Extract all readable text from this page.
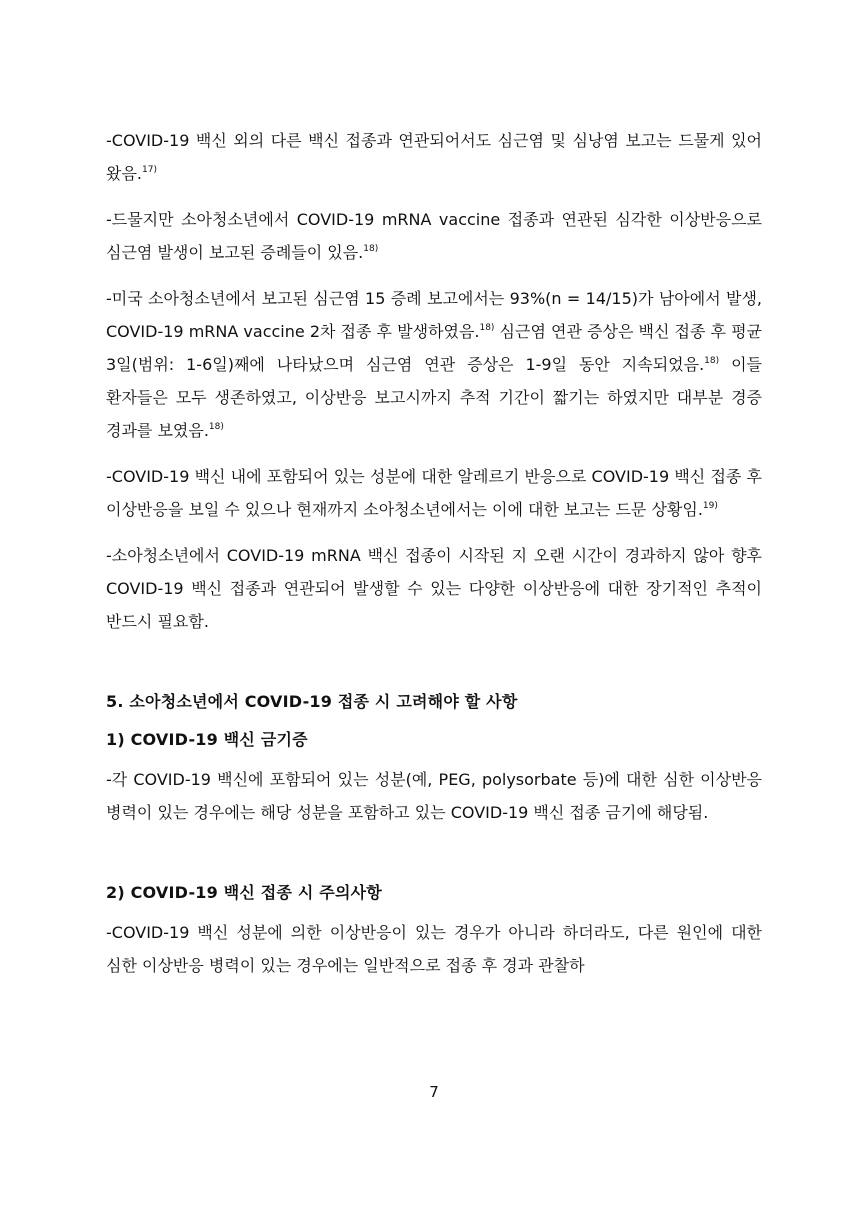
-COVID-19 백신 외의 다른 백신 접종과 연관되어서도 심근염 및 심낭염 보고는 드물게 있어 왔음.$^{17)}$

-드물지만 소아청소년에서 COVID-19 mRNA vaccine 접종과 연관된 심각한 이상반응으로 심근염 발생이 보고된 증례들이 있음.$^{18)}$

-미국 소아청소년에서 보고된 심근염 15 증례 보고에서는 93%(n = 14/15)가 남아에서 발생, COVID-19 mRNA vaccine 2차 접종 후 발생하였음.$^{18)}$ 심근염 연관 증상은 백신 접종 후 평균 3일(범위: 1-6일)째에 나타났으며 심근염 연관 증상은 1-9일 동안 지속되었음.$^{18)}$ 이들 환자들은 모두 생존하였고, 이상반응 보고시까지 추적 기간이 짧기는 하였지만 대부분 경증 경과를 보였음.$^{18)}$

-COVID-19 백신 내에 포함되어 있는 성분에 대한 알레르기 반응으로 COVID-19 백신 접종 후 이상반응을 보일 수 있으나 현재까지 소아청소년에서는 이에 대한 보고는 드문 상황임.$^{19)}$

-소아청소년에서 COVID-19 mRNA 백신 접종이 시작된 지 오랜 시간이 경과하지 않아 향후 COVID-19 백신 접종과 연관되어 발생할 수 있는 다양한 이상반응에 대한 장기적인 추적이 반드시 필요함.

5. 소아청소년에서 COVID-19 접종 시 고려해야 할 사항
1) COVID-19 백신 금기증

-각 COVID-19 백신에 포함되어 있는 성분(예, PEG, polysorbate 등)에 대한 심한 이상반응 병력이 있는 경우에는 해당 성분을 포함하고 있는 COVID-19 백신 접종 금기에 해당됨.

2) COVID-19 백신 접종 시 주의사항

-COVID-19 백신 성분에 의한 이상반응이 있는 경우가 아니라 하더라도, 다른 원인에 대한 심한 이상반응 병력이 있는 경우에는 일반적으로 접종 후 경과 관찰하

7
